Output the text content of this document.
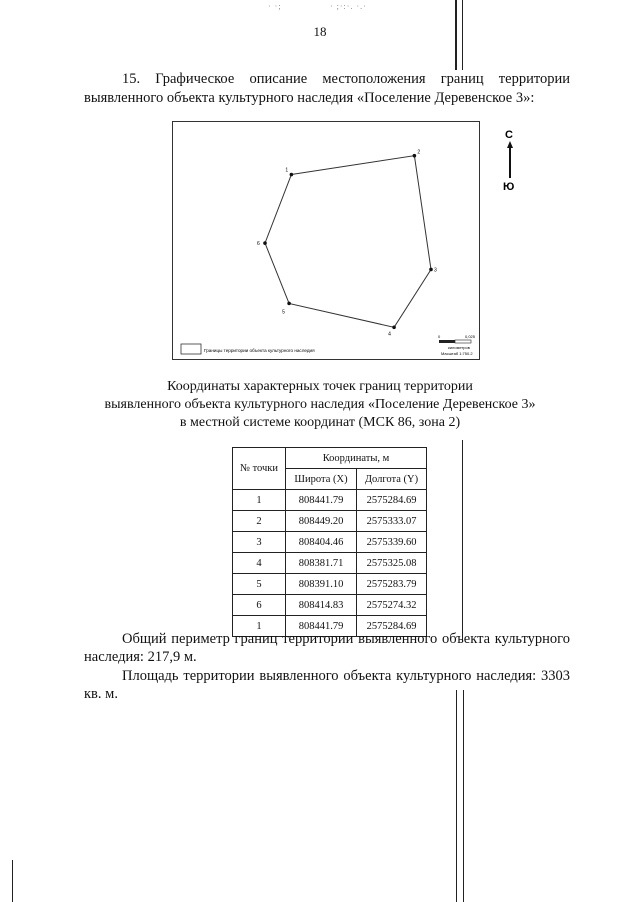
· ·;	· ;·:·. ·.·
18
15. Графическое описание местоположения границ территории выявленного объекта культурного наследия «Поселение Деревенское 3»:
1
2
3
4
5
6
Границы территории объекта культурного наследия
0	0,025
километров
Масштаб 1:750.2
С
Ю
Координаты характерных точек границ территории
выявленного объекта культурного наследия «Поселение Деревенское 3»
в местной системе координат (МСК 86, зона 2)
№ точки	Координаты, м	
	Широта (X)	Долгота (Y)
1	808441.79	2575284.69
2	808449.20	2575333.07
3	808404.46	2575339.60
4	808381.71	2575325.08
5	808391.10	2575283.79
6	808414.83	2575274.32
1	808441.79	2575284.69
Общий периметр границ территории выявленного объекта культурного наследия: 217,9 м.
Площадь территории выявленного объекта культурного наследия: 3303 кв. м.
